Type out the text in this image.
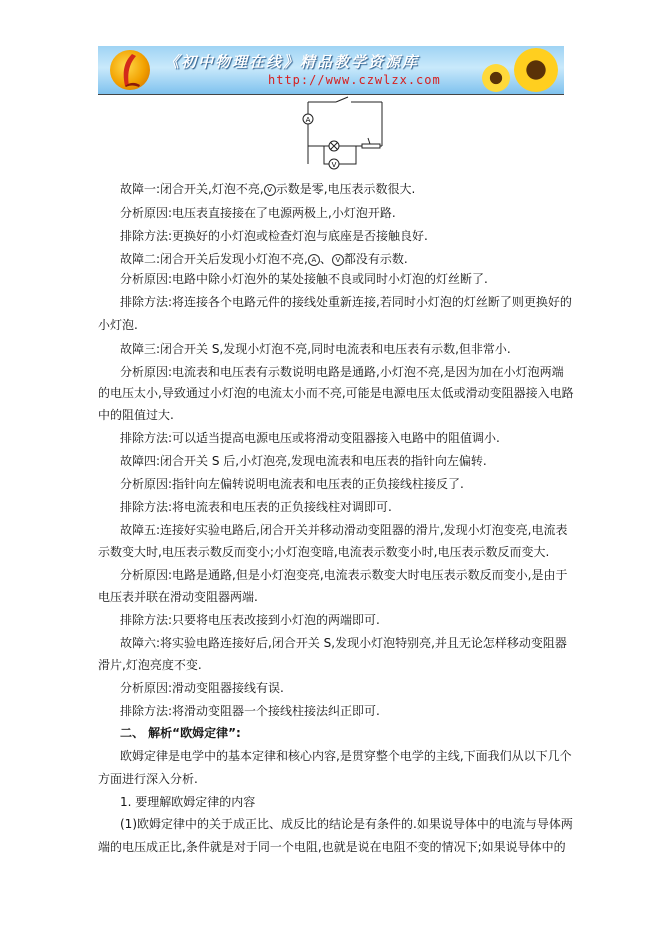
《初中物理在线》精品教学资源库
http://www.czwlzx.com
A
V
故障一:闭合开关,灯泡不亮, V 示数是零,电压表示数很大.
分析原因:电压表直接接在了电源两极上,小灯泡开路.
排除方法:更换好的小灯泡或检查灯泡与底座是否接触良好.
故障二:闭合开关后发现小灯泡不亮, A 、 V 都没有示数.
分析原因:电路中除小灯泡外的某处接触不良或同时小灯泡的灯丝断了.
排除方法:将连接各个电路元件的接线处重新连接,若同时小灯泡的灯丝断了则更换好的
小灯泡.
故障三:闭合开关 S,发现小灯泡不亮,同时电流表和电压表有示数,但非常小.
分析原因:电流表和电压表有示数说明电路是通路,小灯泡不亮,是因为加在小灯泡两端
的电压太小,导致通过小灯泡的电流太小而不亮,可能是电源电压太低或滑动变阻器接入电路
中的阻值过大.
排除方法:可以适当提高电源电压或将滑动变阻器接入电路中的阻值调小.
故障四:闭合开关 S 后,小灯泡亮,发现电流表和电压表的指针向左偏转.
分析原因:指针向左偏转说明电流表和电压表的正负接线柱接反了.
排除方法:将电流表和电压表的正负接线柱对调即可.
故障五:连接好实验电路后,闭合开关并移动滑动变阻器的滑片,发现小灯泡变亮,电流表
示数变大时,电压表示数反而变小;小灯泡变暗,电流表示数变小时,电压表示数反而变大.
分析原因:电路是通路,但是小灯泡变亮,电流表示数变大时电压表示数反而变小,是由于
电压表并联在滑动变阻器两端.
排除方法:只要将电压表改接到小灯泡的两端即可.
故障六:将实验电路连接好后,闭合开关 S,发现小灯泡特别亮,并且无论怎样移动变阻器
滑片,灯泡亮度不变.
分析原因:滑动变阻器接线有误.
排除方法:将滑动变阻器一个接线柱接法纠正即可.
二、 解析“欧姆定律”:
欧姆定律是电学中的基本定律和核心内容,是贯穿整个电学的主线,下面我们从以下几个
方面进行深入分析.
1. 要理解欧姆定律的内容
(1)欧姆定律中的关于成正比、成反比的结论是有条件的.如果说导体中的电流与导体两
端的电压成正比,条件就是对于同一个电阻,也就是说在电阻不变的情况下;如果说导体中的
